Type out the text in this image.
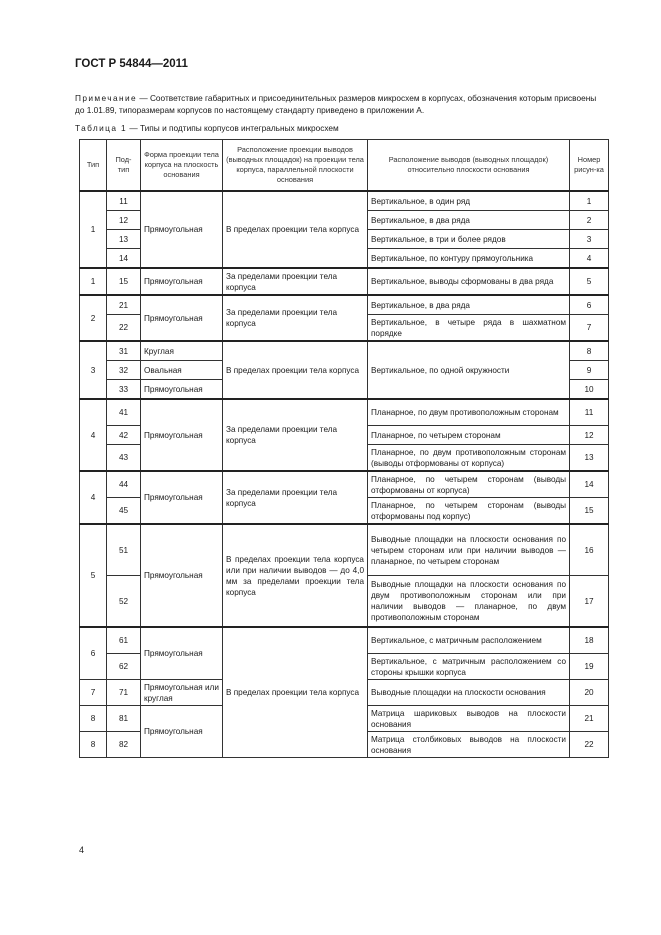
ГОСТ Р 54844—2011
Примечание — Соответствие габаритных и присоединительных размеров микросхем в корпусах, обозначения которым присвоены до 1.01.89, типоразмерам корпусов по настоящему стандарту приведено в приложении А.
Таблица 1 — Типы и подтипы корпусов интегральных микросхем
Тип	Под-тип	Форма проекции тела корпуса на плоскость основания	Расположение проекции выводов (выводных площадок) на проекции тела корпуса, параллельной плоскости основания	Расположение выводов (выводных площадок) относительно плоскости основания	Номер рисун-ка
1	11	Прямоугольная	В пределах проекции тела корпуса	Вертикальное, в один ряд	1
	12			Вертикальное, в два ряда	2
	13			Вертикальное, в три и более рядов	3
	14			Вертикальное, по контуру прямоугольника	4
1	15	Прямоугольная	За пределами проекции тела корпуса	Вертикальное, выводы сформованы в два ряда	5
2	21	Прямоугольная	За пределами проекции тела корпуса	Вертикальное, в два ряда	6
	22			Вертикальное, в четыре ряда в шахматном порядке	7
3	31	Круглая	В пределах проекции тела корпуса	Вертикальное, по одной окружности	8
	32	Овальная			9
	33	Прямоугольная			10
4	41	Прямоугольная	За пределами проекции тела корпуса	Планарное, по двум противоположным сторонам	11
	42			Планарное, по четырем сторонам	12
	43			Планарное, по двум противоположным сторонам (выводы отформованы от корпуса)	13
4	44	Прямоугольная	За пределами проекции тела корпуса	Планарное, по четырем сторонам (выводы отформованы от корпуса)	14
	45			Планарное, по четырем сторонам (выводы отформованы под корпус)	15
5	51	Прямоугольная	В пределах проекции тела корпуса или при наличии выводов — до 4,0 мм за пределами проекции тела корпуса	Выводные площадки на плоскости основания по четырем сторонам или при наличии выводов — планарное, по четырем сторонам	16
	52			Выводные площадки на плоскости основания по двум противоположным сторонам или при наличии выводов — планарное, по двум противоположным сторонам	17
6	61	Прямоугольная	В пределах проекции тела корпуса	Вертикальное, с матричным расположением	18
	62			Вертикальное, с матричным расположением со стороны крышки корпуса	19
7	71	Прямоугольная или круглая		Выводные площадки на плоскости основания	20
8	81	Прямоугольная		Матрица шариковых выводов на плоскости основания	21
8	82			Матрица столбиковых выводов на плоскости основания	22
4
